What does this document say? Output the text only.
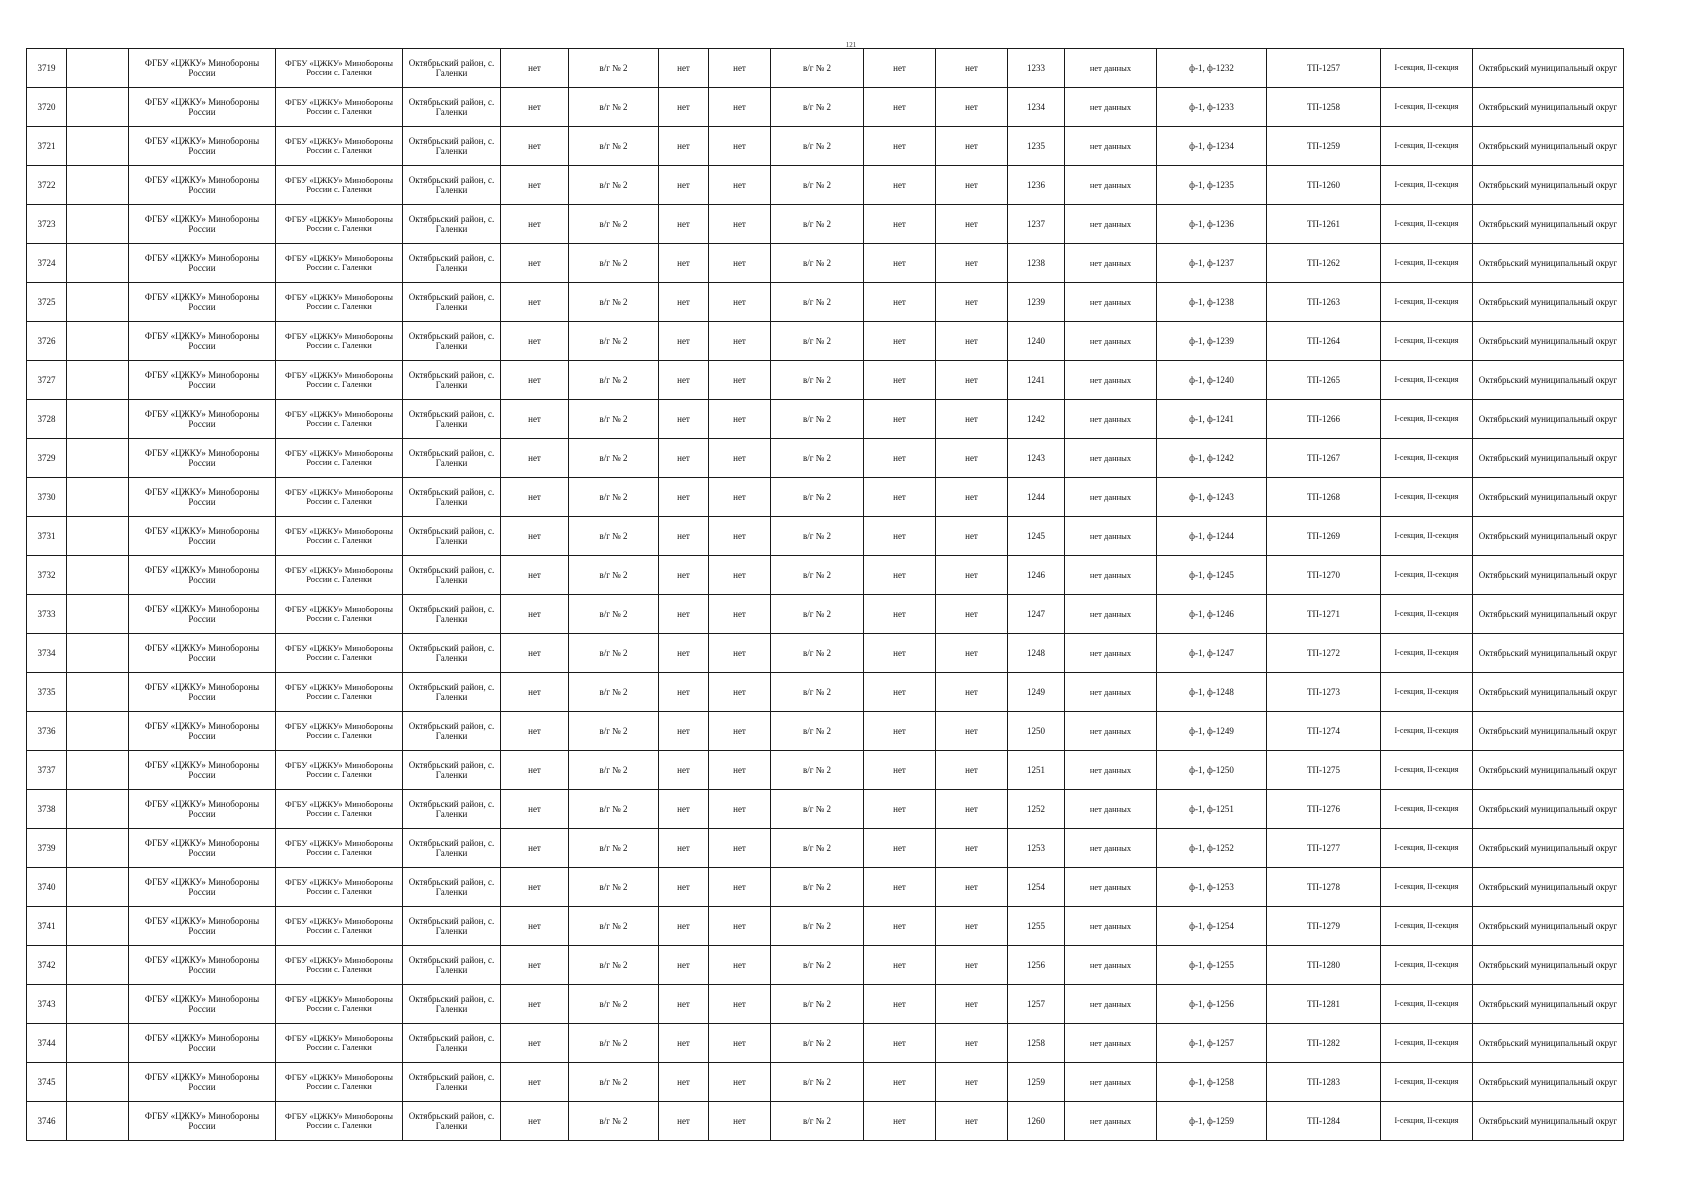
121
3719		ФГБУ «ЦЖКУ» Минобороны России	ФГБУ «ЦЖКУ» Минобороны России с. Галенки	Октябрьский район, с. Галенки	нет	в/г № 2	нет	нет	в/г № 2	нет	нет	1233	нет данных	ф-1, ф-1232	ТП-1257	I-секция, II-секция	Октябрьский муниципальный округ
3720		ФГБУ «ЦЖКУ» Минобороны России	ФГБУ «ЦЖКУ» Минобороны России с. Галенки	Октябрьский район, с. Галенки	нет	в/г № 2	нет	нет	в/г № 2	нет	нет	1234	нет данных	ф-1, ф-1233	ТП-1258	I-секция, II-секция	Октябрьский муниципальный округ
3721		ФГБУ «ЦЖКУ» Минобороны России	ФГБУ «ЦЖКУ» Минобороны России с. Галенки	Октябрьский район, с. Галенки	нет	в/г № 2	нет	нет	в/г № 2	нет	нет	1235	нет данных	ф-1, ф-1234	ТП-1259	I-секция, II-секция	Октябрьский муниципальный округ
3722		ФГБУ «ЦЖКУ» Минобороны России	ФГБУ «ЦЖКУ» Минобороны России с. Галенки	Октябрьский район, с. Галенки	нет	в/г № 2	нет	нет	в/г № 2	нет	нет	1236	нет данных	ф-1, ф-1235	ТП-1260	I-секция, II-секция	Октябрьский муниципальный округ
3723		ФГБУ «ЦЖКУ» Минобороны России	ФГБУ «ЦЖКУ» Минобороны России с. Галенки	Октябрьский район, с. Галенки	нет	в/г № 2	нет	нет	в/г № 2	нет	нет	1237	нет данных	ф-1, ф-1236	ТП-1261	I-секция, II-секция	Октябрьский муниципальный округ
3724		ФГБУ «ЦЖКУ» Минобороны России	ФГБУ «ЦЖКУ» Минобороны России с. Галенки	Октябрьский район, с. Галенки	нет	в/г № 2	нет	нет	в/г № 2	нет	нет	1238	нет данных	ф-1, ф-1237	ТП-1262	I-секция, II-секция	Октябрьский муниципальный округ
3725		ФГБУ «ЦЖКУ» Минобороны России	ФГБУ «ЦЖКУ» Минобороны России с. Галенки	Октябрьский район, с. Галенки	нет	в/г № 2	нет	нет	в/г № 2	нет	нет	1239	нет данных	ф-1, ф-1238	ТП-1263	I-секция, II-секция	Октябрьский муниципальный округ
3726		ФГБУ «ЦЖКУ» Минобороны России	ФГБУ «ЦЖКУ» Минобороны России с. Галенки	Октябрьский район, с. Галенки	нет	в/г № 2	нет	нет	в/г № 2	нет	нет	1240	нет данных	ф-1, ф-1239	ТП-1264	I-секция, II-секция	Октябрьский муниципальный округ
3727		ФГБУ «ЦЖКУ» Минобороны России	ФГБУ «ЦЖКУ» Минобороны России с. Галенки	Октябрьский район, с. Галенки	нет	в/г № 2	нет	нет	в/г № 2	нет	нет	1241	нет данных	ф-1, ф-1240	ТП-1265	I-секция, II-секция	Октябрьский муниципальный округ
3728		ФГБУ «ЦЖКУ» Минобороны России	ФГБУ «ЦЖКУ» Минобороны России с. Галенки	Октябрьский район, с. Галенки	нет	в/г № 2	нет	нет	в/г № 2	нет	нет	1242	нет данных	ф-1, ф-1241	ТП-1266	I-секция, II-секция	Октябрьский муниципальный округ
3729		ФГБУ «ЦЖКУ» Минобороны России	ФГБУ «ЦЖКУ» Минобороны России с. Галенки	Октябрьский район, с. Галенки	нет	в/г № 2	нет	нет	в/г № 2	нет	нет	1243	нет данных	ф-1, ф-1242	ТП-1267	I-секция, II-секция	Октябрьский муниципальный округ
3730		ФГБУ «ЦЖКУ» Минобороны России	ФГБУ «ЦЖКУ» Минобороны России с. Галенки	Октябрьский район, с. Галенки	нет	в/г № 2	нет	нет	в/г № 2	нет	нет	1244	нет данных	ф-1, ф-1243	ТП-1268	I-секция, II-секция	Октябрьский муниципальный округ
3731		ФГБУ «ЦЖКУ» Минобороны России	ФГБУ «ЦЖКУ» Минобороны России с. Галенки	Октябрьский район, с. Галенки	нет	в/г № 2	нет	нет	в/г № 2	нет	нет	1245	нет данных	ф-1, ф-1244	ТП-1269	I-секция, II-секция	Октябрьский муниципальный округ
3732		ФГБУ «ЦЖКУ» Минобороны России	ФГБУ «ЦЖКУ» Минобороны России с. Галенки	Октябрьский район, с. Галенки	нет	в/г № 2	нет	нет	в/г № 2	нет	нет	1246	нет данных	ф-1, ф-1245	ТП-1270	I-секция, II-секция	Октябрьский муниципальный округ
3733		ФГБУ «ЦЖКУ» Минобороны России	ФГБУ «ЦЖКУ» Минобороны России с. Галенки	Октябрьский район, с. Галенки	нет	в/г № 2	нет	нет	в/г № 2	нет	нет	1247	нет данных	ф-1, ф-1246	ТП-1271	I-секция, II-секция	Октябрьский муниципальный округ
3734		ФГБУ «ЦЖКУ» Минобороны России	ФГБУ «ЦЖКУ» Минобороны России с. Галенки	Октябрьский район, с. Галенки	нет	в/г № 2	нет	нет	в/г № 2	нет	нет	1248	нет данных	ф-1, ф-1247	ТП-1272	I-секция, II-секция	Октябрьский муниципальный округ
3735		ФГБУ «ЦЖКУ» Минобороны России	ФГБУ «ЦЖКУ» Минобороны России с. Галенки	Октябрьский район, с. Галенки	нет	в/г № 2	нет	нет	в/г № 2	нет	нет	1249	нет данных	ф-1, ф-1248	ТП-1273	I-секция, II-секция	Октябрьский муниципальный округ
3736		ФГБУ «ЦЖКУ» Минобороны России	ФГБУ «ЦЖКУ» Минобороны России с. Галенки	Октябрьский район, с. Галенки	нет	в/г № 2	нет	нет	в/г № 2	нет	нет	1250	нет данных	ф-1, ф-1249	ТП-1274	I-секция, II-секция	Октябрьский муниципальный округ
3737		ФГБУ «ЦЖКУ» Минобороны России	ФГБУ «ЦЖКУ» Минобороны России с. Галенки	Октябрьский район, с. Галенки	нет	в/г № 2	нет	нет	в/г № 2	нет	нет	1251	нет данных	ф-1, ф-1250	ТП-1275	I-секция, II-секция	Октябрьский муниципальный округ
3738		ФГБУ «ЦЖКУ» Минобороны России	ФГБУ «ЦЖКУ» Минобороны России с. Галенки	Октябрьский район, с. Галенки	нет	в/г № 2	нет	нет	в/г № 2	нет	нет	1252	нет данных	ф-1, ф-1251	ТП-1276	I-секция, II-секция	Октябрьский муниципальный округ
3739		ФГБУ «ЦЖКУ» Минобороны России	ФГБУ «ЦЖКУ» Минобороны России с. Галенки	Октябрьский район, с. Галенки	нет	в/г № 2	нет	нет	в/г № 2	нет	нет	1253	нет данных	ф-1, ф-1252	ТП-1277	I-секция, II-секция	Октябрьский муниципальный округ
3740		ФГБУ «ЦЖКУ» Минобороны России	ФГБУ «ЦЖКУ» Минобороны России с. Галенки	Октябрьский район, с. Галенки	нет	в/г № 2	нет	нет	в/г № 2	нет	нет	1254	нет данных	ф-1, ф-1253	ТП-1278	I-секция, II-секция	Октябрьский муниципальный округ
3741		ФГБУ «ЦЖКУ» Минобороны России	ФГБУ «ЦЖКУ» Минобороны России с. Галенки	Октябрьский район, с. Галенки	нет	в/г № 2	нет	нет	в/г № 2	нет	нет	1255	нет данных	ф-1, ф-1254	ТП-1279	I-секция, II-секция	Октябрьский муниципальный округ
3742		ФГБУ «ЦЖКУ» Минобороны России	ФГБУ «ЦЖКУ» Минобороны России с. Галенки	Октябрьский район, с. Галенки	нет	в/г № 2	нет	нет	в/г № 2	нет	нет	1256	нет данных	ф-1, ф-1255	ТП-1280	I-секция, II-секция	Октябрьский муниципальный округ
3743		ФГБУ «ЦЖКУ» Минобороны России	ФГБУ «ЦЖКУ» Минобороны России с. Галенки	Октябрьский район, с. Галенки	нет	в/г № 2	нет	нет	в/г № 2	нет	нет	1257	нет данных	ф-1, ф-1256	ТП-1281	I-секция, II-секция	Октябрьский муниципальный округ
3744		ФГБУ «ЦЖКУ» Минобороны России	ФГБУ «ЦЖКУ» Минобороны России с. Галенки	Октябрьский район, с. Галенки	нет	в/г № 2	нет	нет	в/г № 2	нет	нет	1258	нет данных	ф-1, ф-1257	ТП-1282	I-секция, II-секция	Октябрьский муниципальный округ
3745		ФГБУ «ЦЖКУ» Минобороны России	ФГБУ «ЦЖКУ» Минобороны России с. Галенки	Октябрьский район, с. Галенки	нет	в/г № 2	нет	нет	в/г № 2	нет	нет	1259	нет данных	ф-1, ф-1258	ТП-1283	I-секция, II-секция	Октябрьский муниципальный округ
3746		ФГБУ «ЦЖКУ» Минобороны России	ФГБУ «ЦЖКУ» Минобороны России с. Галенки	Октябрьский район, с. Галенки	нет	в/г № 2	нет	нет	в/г № 2	нет	нет	1260	нет данных	ф-1, ф-1259	ТП-1284	I-секция, II-секция	Октябрьский муниципальный округ
